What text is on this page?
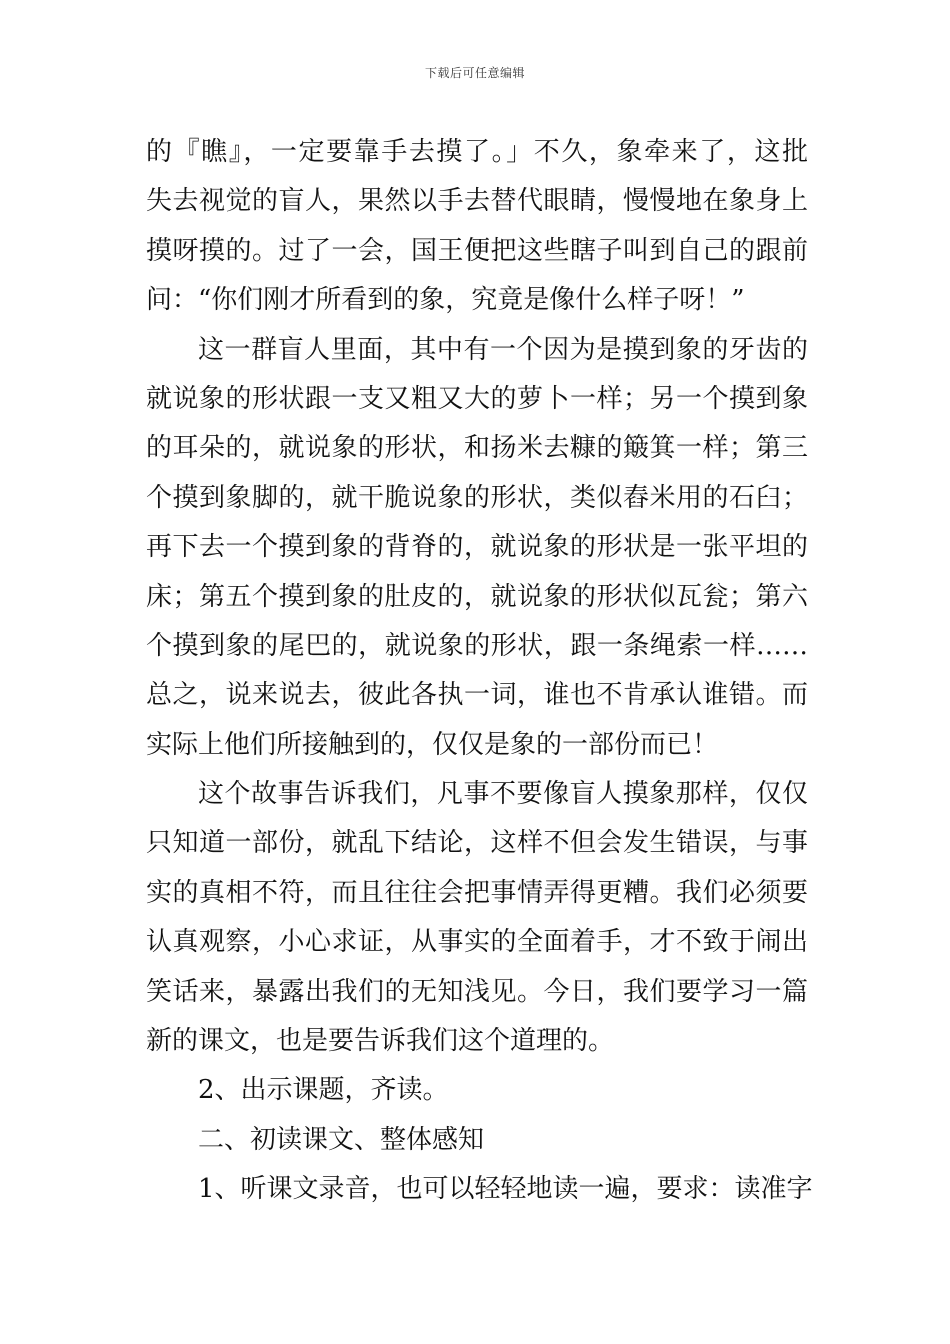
下载后可任意编辑
的『瞧』，一定要靠手去摸了。」不久，象牵来了，这批
失去视觉的盲人，果然以手去替代眼睛，慢慢地在象身上
摸呀摸的。过了一会，国王便把这些瞎子叫到自己的跟前
问：“你们刚才所看到的象，究竟是像什么样子呀！”
这一群盲人里面，其中有一个因为是摸到象的牙齿的
就说象的形状跟一支又粗又大的萝卜一样；另一个摸到象
的耳朵的，就说象的形状，和扬米去糠的簸箕一样；第三
个摸到象脚的，就干脆说象的形状，类似舂米用的石臼；
再下去一个摸到象的背脊的，就说象的形状是一张平坦的
床；第五个摸到象的肚皮的，就说象的形状似瓦瓮；第六
个摸到象的尾巴的，就说象的形状，跟一条绳索一样……
总之，说来说去，彼此各执一词，谁也不肯承认谁错。而
实际上他们所接触到的，仅仅是象的一部份而已！
这个故事告诉我们，凡事不要像盲人摸象那样，仅仅
只知道一部份，就乱下结论，这样不但会发生错误，与事
实的真相不符，而且往往会把事情弄得更糟。我们必须要
认真观察，小心求证，从事实的全面着手，才不致于闹出
笑话来，暴露出我们的无知浅见。今日，我们要学习一篇
新的课文，也是要告诉我们这个道理的。
2、出示课题，齐读。
二、初读课文、整体感知
1、听课文录音，也可以轻轻地读一遍，要求：读准字
